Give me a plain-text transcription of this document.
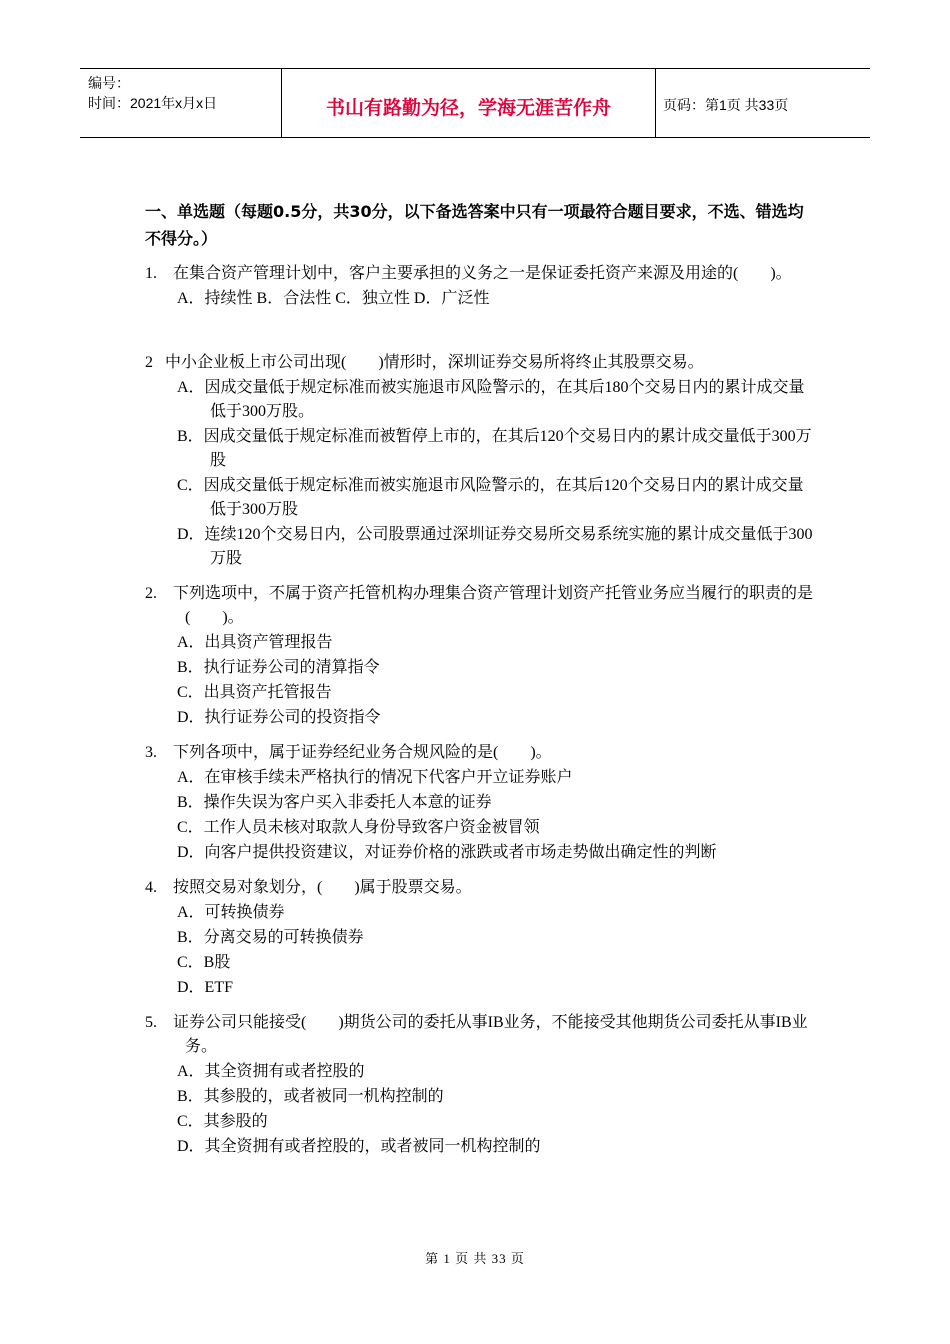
编号：
时间：2021年x月x日	书山有路勤为径，学海无涯苦作舟	页码：第1页 共33页
一、单选题（每题0.5分，共30分，以下备选答案中只有一项最符合题目要求，不选、错选均不得分。）

1. 在集合资产管理计划中，客户主要承担的义务之一是保证委托资产来源及用途的(　　)。

A．持续性 B．合法性 C．独立性 D．广泛性

2 中小企业板上市公司出现(　　)情形时，深圳证券交易所将终止其股票交易。

A．因成交量低于规定标准而被实施退市风险警示的，在其后180个交易日内的累计成交量低于300万股。

B．因成交量低于规定标准而被暂停上市的，在其后120个交易日内的累计成交量低于300万股

C．因成交量低于规定标准而被实施退市风险警示的，在其后120个交易日内的累计成交量低于300万股

D．连续120个交易日内，公司股票通过深圳证券交易所交易系统实施的累计成交量低于300万股

2. 下列选项中，不属于资产托管机构办理集合资产管理计划资产托管业务应当履行的职责的是(　　)。

A．出具资产管理报告

B．执行证券公司的清算指令

C．出具资产托管报告

D．执行证券公司的投资指令

3. 下列各项中，属于证券经纪业务合规风险的是(　　)。

A．在审核手续未严格执行的情况下代客户开立证券账户

B．操作失误为客户买入非委托人本意的证券

C．工作人员未核对取款人身份导致客户资金被冒领

D．向客户提供投资建议，对证券价格的涨跌或者市场走势做出确定性的判断

4. 按照交易对象划分，(　　)属于股票交易。

A．可转换债券

B．分离交易的可转换债券

C．B股

D．ETF

5. 证券公司只能接受(　　)期货公司的委托从事IB业务，不能接受其他期货公司委托从事IB业务。

A．其全资拥有或者控股的

B．其参股的，或者被同一机构控制的

C．其参股的

D．其全资拥有或者控股的，或者被同一机构控制的

第 1 页 共 33 页
